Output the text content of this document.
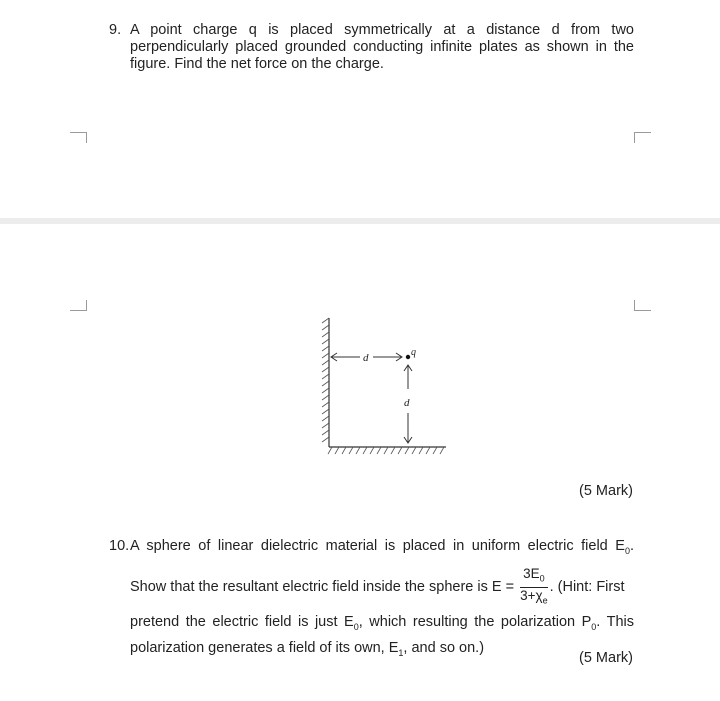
9. A point charge q is placed symmetrically at a distance d from two perpendicularly placed grounded conducting infinite plates as shown in the figure. Find the net force on the charge.
d	q
d
(5 Mark)
10. A sphere of linear dielectric material is placed in uniform electric field $E_0$.
Show that the resultant electric field inside the sphere is $E = \frac{3E_0}{3+\chi_e}$ . (Hint: First
pretend the electric field is just $E_0$, which resulting the polarization $P_0$. This
polarization generates a field of its own, $E_1$, and so on.)
(5 Mark)
